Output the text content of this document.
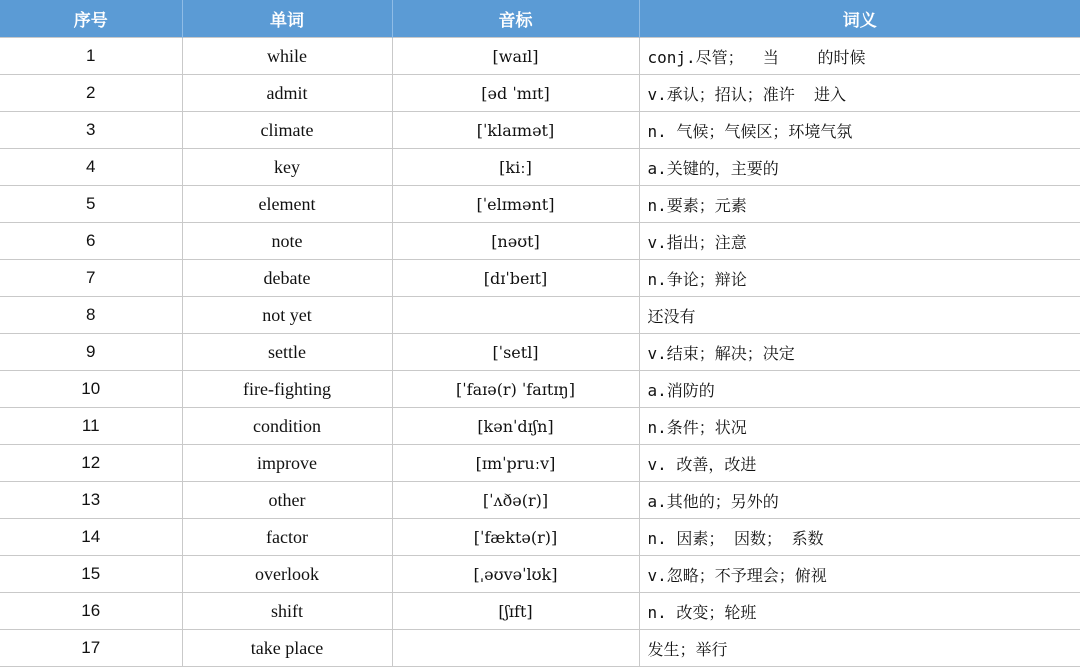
序号	单词	音标	词义
1	while	[waɪl]	conj.尽管；  当    的时候
2	admit	[əd ˈmɪt]	v.承认；招认；准许  进入
3	climate	[ˈklaɪmət]	n. 气候；气候区；环境气氛
4	key	[kiː]	a.关键的，主要的
5	element	[ˈelɪmənt]	n.要素；元素
6	note	[nəʊt]	v.指出；注意
7	debate	[dɪˈbeɪt]	n.争论；辩论
8	not yet		还没有
9	settle	[ˈsetl]	v.结束；解决；决定
10	fire-fighting	[ˈfaɪə(r) ˈfaɪtɪŋ]	a.消防的
11	condition	[kənˈdɪʃn]	n.条件；状况
12	improve	[ɪmˈpruːv]	v. 改善，改进
13	other	[ˈʌðə(r)]	a.其他的；另外的
14	factor	[ˈfæktə(r)]	n. 因素； 因数； 系数
15	overlook	[ˌəʊvəˈlʊk]	v.忽略；不予理会；俯视
16	shift	[ʃɪft]	n. 改变；轮班
17	take place		发生；举行
